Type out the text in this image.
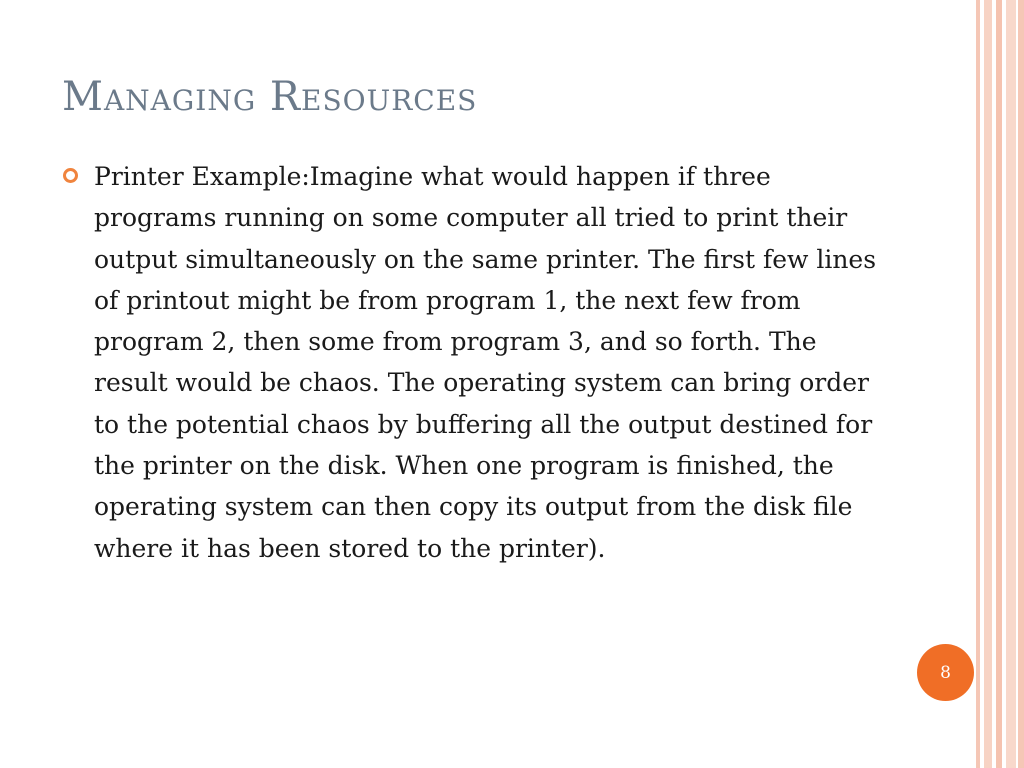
Managing Resources

Printer Example:Imagine what would happen if three programs running on some computer all tried to print their output simultaneously on the same printer. The first few lines of printout might be from program 1, the next few from program 2, then some from program 3, and so forth. The result would be chaos. The operating system can bring order to the potential chaos by buffering all the output destined for the printer on the disk. When one program is finished, the operating system can then copy its output from the disk file where it has been stored to the printer).

8
